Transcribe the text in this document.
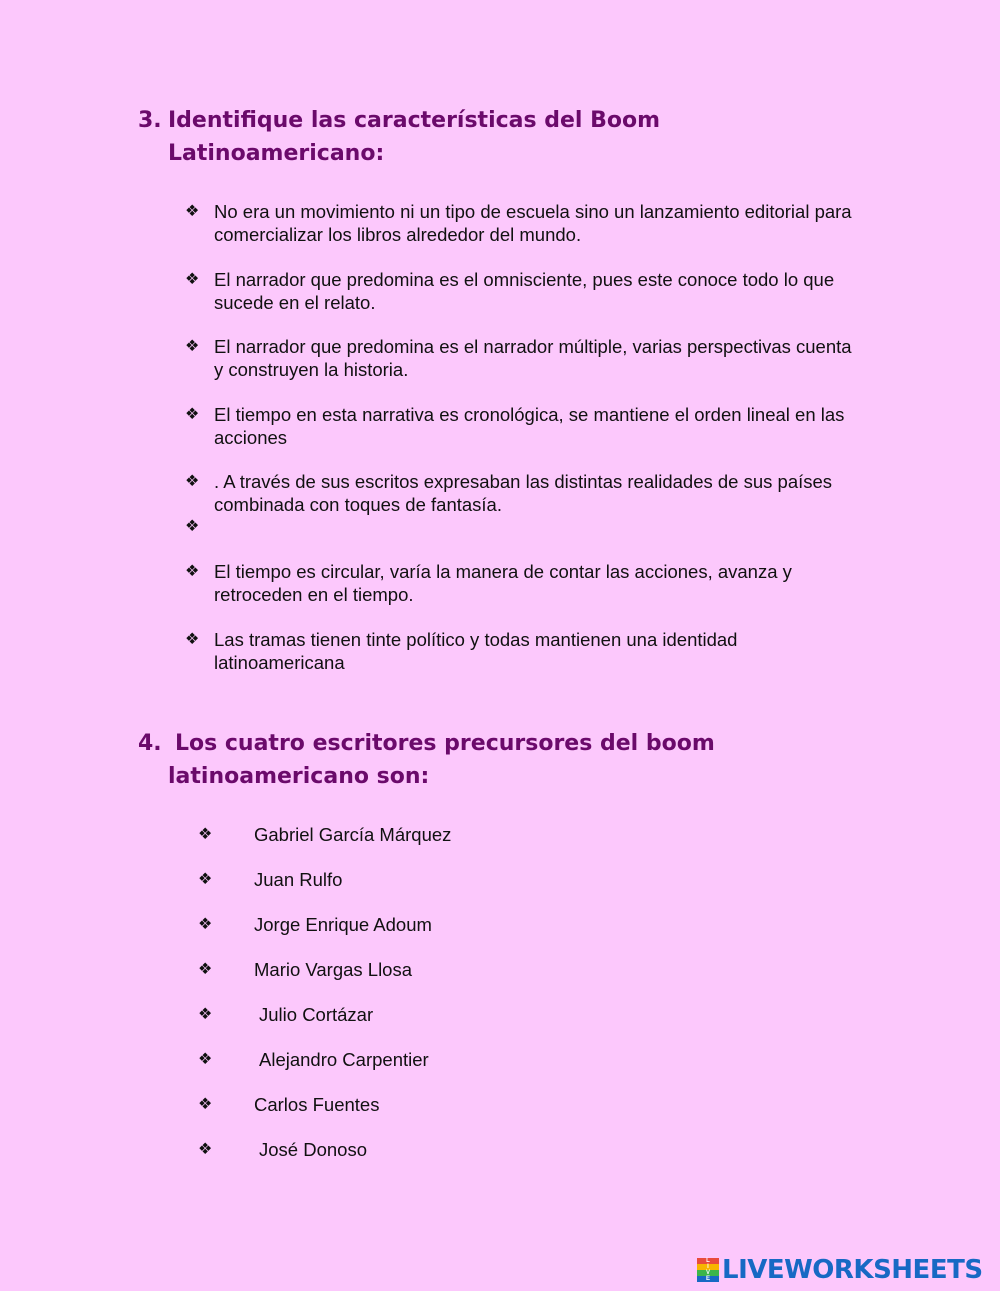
3. Identifique las características del Boom
Latinoamericano:
❖ No era un movimiento ni un tipo de escuela sino un lanzamiento editorial para comercializar los libros alrededor del mundo.
❖ El narrador que predomina es el omnisciente, pues este conoce todo lo que sucede en el relato.
❖ El narrador que predomina es el narrador múltiple, varias perspectivas cuenta y construyen la historia.
❖ El tiempo en esta narrativa es cronológica, se mantiene el orden lineal en las acciones
❖ . A través de sus escritos expresaban las distintas realidades de sus países combinada con toques de fantasía.
❖
❖ El tiempo es circular, varía la manera de contar las acciones, avanza y retroceden en el tiempo.
❖ Las tramas tienen tinte político y todas mantienen una identidad latinoamericana
4. Los cuatro escritores precursores del boom
latinoamericano son:
❖ Gabriel García Márquez
❖ Juan Rulfo
❖ Jorge Enrique Adoum
❖ Mario Vargas Llosa
❖	Julio Cortázar
❖	Alejandro Carpentier
❖ Carlos Fuentes
❖	José Donoso
L
I
V
E LIVEWORKSHEETS
